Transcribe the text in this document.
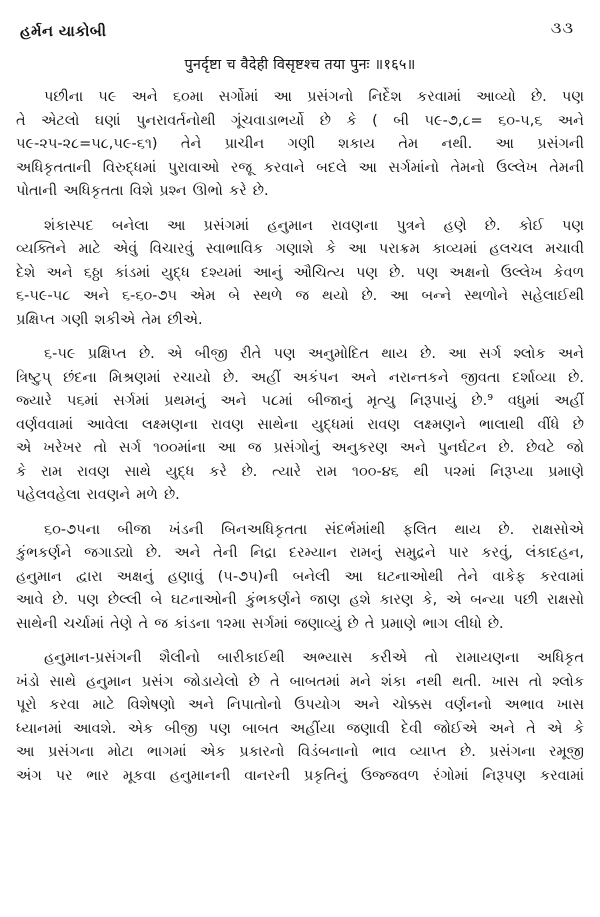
હર્મન યાકોબી	૩૩
पुनर्दृष्टा च वैदेही विसृष्टश्च तया पुनः ॥१६५॥
પછીના ૫૯ અને ૬૦મા સર્ગોમાં આ પ્રસંગનો નિર્દેશ કરવામાં આવ્યો છે. પણ
તે એટલો ઘણાં પુનરાવર્તનોથી ગૂંચવાડાભર્યો છે કે ( બી ૫૯-૭,૮= ૬૦-૫,૬ અને
૫૯-૨૫-૨૮=૫૮,૫૯-૬૧) તેને પ્રાચીન ગણી શકાય તેમ નથી. આ પ્રસંગની
અધિકૃતતાની વિરુદ્ધમાં પુરાવાઓ રજૂ કરવાને બદલે આ સર્ગમાંનો તેમનો ઉલ્લેખ તેમની
પોતાની અધિકૃતતા વિશે પ્રશ્ન ઊભો કરે છે.
શંકાસ્પદ બનેલા આ પ્રસંગમાં હનુમાન રાવણના પુત્રને હણે છે. કોઈ પણ
વ્યક્તિને માટે એવું વિચારવું સ્વાભાવિક ગણાશે કે આ પરાક્રમ કાવ્યમાં હલચલ મચાવી
દેશે અને ૬ઠ્ઠા કાંડમાં યુદ્ધ દશ્યમાં આનું ઔચિત્ય પણ છે. પણ અક્ષનો ઉલ્લેખ કેવળ
૬-૫૯-૫૮ અને ૬-૬૦-૭૫ એમ બે સ્થળે જ થયો છે. આ બન્ને સ્થળોને સહેલાઈથી
પ્રક્ષિપ્ત ગણી શકીએ તેમ છીએ.
૬-૫૯ પ્રક્ષિપ્ત છે. એ બીજી રીતે પણ અનુમોદિત થાય છે. આ સર્ગ શ્લોક અને
ત્રિષ્ટુપ્ છંદના મિશ્રણમાં રચાયો છે. અહીં અકંપન અને નરાન્તકને જીવતા દર્શાવ્યા છે.
જ્યારે ૫૬માં સર્ગમાં પ્રથમનું અને ૫૮માં બીજાનું મૃત્યુ નિરૂપાયું છે.⁹ વધુમાં અહીં
વર્ણવવામાં આવેલા લક્ષ્મણના રાવણ સાથેના યુદ્ધમાં રાવણ લક્ષ્મણને ભાલાથી વીંધે છે
એ ખરેખર તો સર્ગ ૧૦૦માંના આ જ પ્રસંગોનું અનુકરણ અને પુનર્ઘટન છે. છેવટે જો
કે રામ રાવણ સાથે યુદ્ધ કરે છે. ત્યારે રામ ૧૦૦-૪૬ થી ૫૨માં નિરૂપ્યા પ્રમાણે
પહેલવહેલા રાવણને મળે છે.
૬૦-૭૫ના બીજા ખંડની બિનઅધિકૃતતા સંદર્ભમાંથી ફલિત થાય છે. રાક્ષસોએ
કુંભકર્ણને જગાડ્યો છે. અને તેની નિદ્રા દરમ્યાન રામનું સમુદ્રને પાર કરવું, લંકાદહન,
હનુમાન દ્વારા અક્ષનું હણાવું (૫-૭૫)ની બનેલી આ ઘટનાઓથી તેને વાકેફ કરવામાં
આવે છે. પણ છેલ્લી બે ઘટનાઓની કુંભકર્ણને જાણ હશે કારણ કે, એ બન્યા પછી રાક્ષસો
સાથેની ચર્ચામાં તેણે તે જ કાંડના ૧૨મા સર્ગમાં જણાવ્યું છે તે પ્રમાણે ભાગ લીધો છે.
હનુમાન-પ્રસંગની શૈલીનો બારીકાઈથી અભ્યાસ કરીએ તો રામાયણના અધિકૃત
ખંડો સાથે હનુમાન પ્રસંગ જોડાયેલો છે તે બાબતમાં મને શંકા નથી થતી. ખાસ તો શ્લોક
પૂરો કરવા માટે વિશેષણો અને નિપાતોનો ઉપયોગ અને ચોક્કસ વર્ણનનો અભાવ ખાસ
ધ્યાનમાં આવશે. એક બીજી પણ બાબત અહીંયા જણાવી દેવી જોઈએ અને તે એ કે
આ પ્રસંગના મોટા ભાગમાં એક પ્રકારનો વિડંબનાનો ભાવ વ્યાપ્ત છે. પ્રસંગના રમૂજી
અંગ પર ભાર મૂકવા હનુમાનની વાનરની પ્રકૃતિનું ઉજ્જવળ રંગોમાં નિરૂપણ કરવામાં
